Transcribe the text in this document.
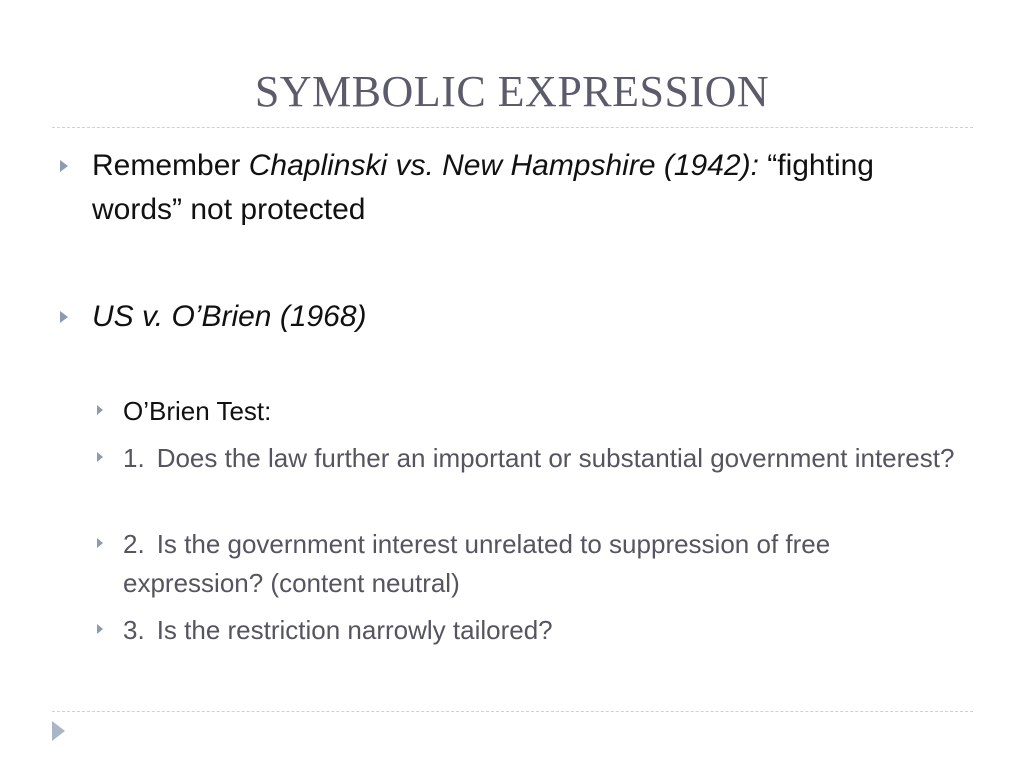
SYMBOLIC EXPRESSION
Remember Chaplinski vs. New Hampshire (1942): “fighting words” not protected
US v. O’Brien (1968)
O’Brien Test:
1. Does the law further an important or substantial government interest?
2. Is the government interest unrelated to suppression of free expression? (content neutral)
3. Is the restriction narrowly tailored?
